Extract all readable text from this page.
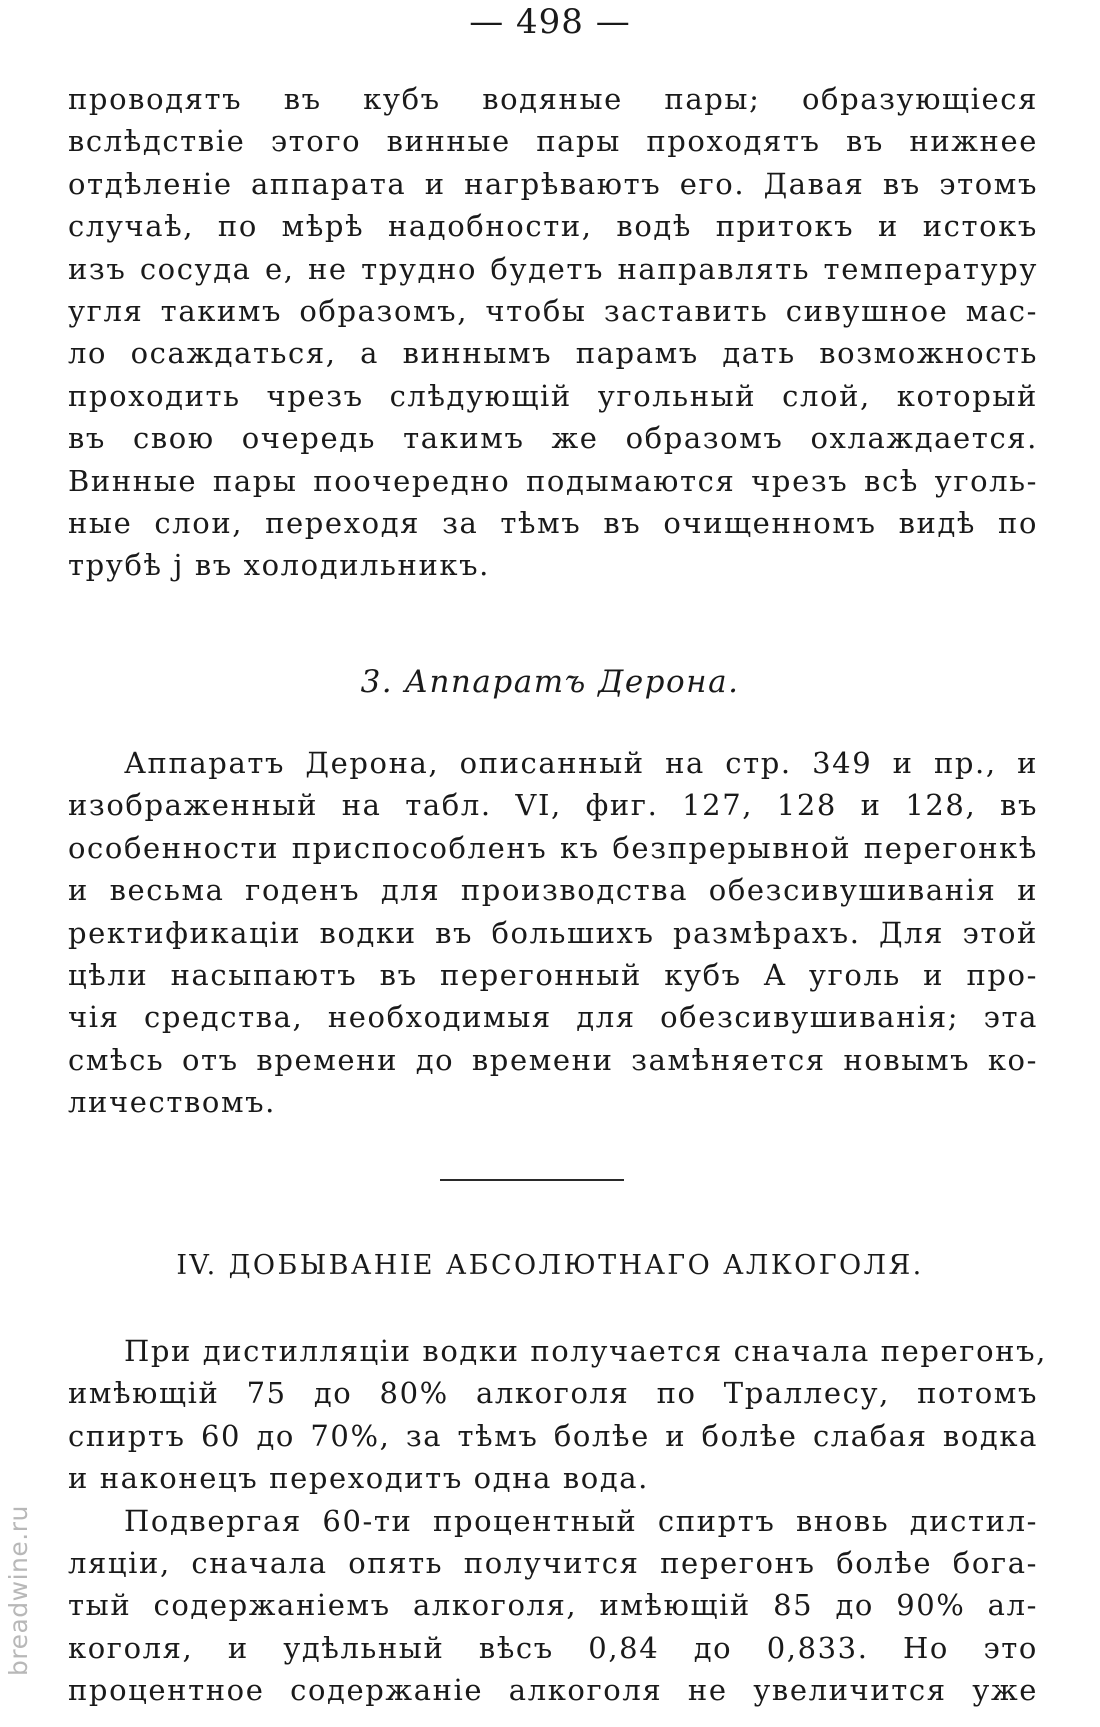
— 498 —
проводятъ въ кубъ водяные пары; образующіеся
вслѣдствіе этого винные пары проходятъ въ нижнее
отдѣленіе аппарата и нагрѣваютъ его. Давая въ этомъ
случаѣ, по мѣрѣ надобности, водѣ притокъ и истокъ
изъ сосуда e, не трудно будетъ направлять температуру
угля такимъ образомъ, чтобы заставить сивушное мас-
ло осаждаться, а виннымъ парамъ дать возможность
проходить чрезъ слѣдующій угольный слой, который
въ свою очередь такимъ же образомъ охлаждается.
Винные пары поочередно подымаются чрезъ всѣ уголь-
ные слои, переходя за тѣмъ въ очищенномъ видѣ по
трубѣ j въ холодильникъ.
3. Аппаратъ Дерона.
Аппаратъ Дерона, описанный на стр. 349 и пр., и
изображенный на табл. VI, фиг. 127, 128 и 128, въ
особенности приспособленъ къ безпрерывной перегонкѣ
и весьма годенъ для производства обезсивушиванія и
ректификаціи водки въ большихъ размѣрахъ. Для этой
цѣли насыпаютъ въ перегонный кубъ A уголь и про-
чія средства, необходимыя для обезсивушиванія; эта
смѣсь отъ времени до времени замѣняется новымъ ко-
личествомъ.
IV. ДОБЫВАНІЕ АБСОЛЮТНАГО АЛКОГОЛЯ.
При дистилляціи водки получается сначала перегонъ,
имѣющій 75 до 80% алкоголя по Траллесу, потомъ
спиртъ 60 до 70%, за тѣмъ болѣе и болѣе слабая водка
и наконецъ переходитъ одна вода.
Подвергая 60-ти процентный спиртъ вновь дистил-
ляціи, сначала опять получится перегонъ болѣе бога-
тый содержаніемъ алкоголя, имѣющій 85 до 90% ал-
коголя, и удѣльный вѣсъ 0,84 до 0,833. Но это
процентное содержаніе алкоголя не увеличится уже
breadwine.ru
